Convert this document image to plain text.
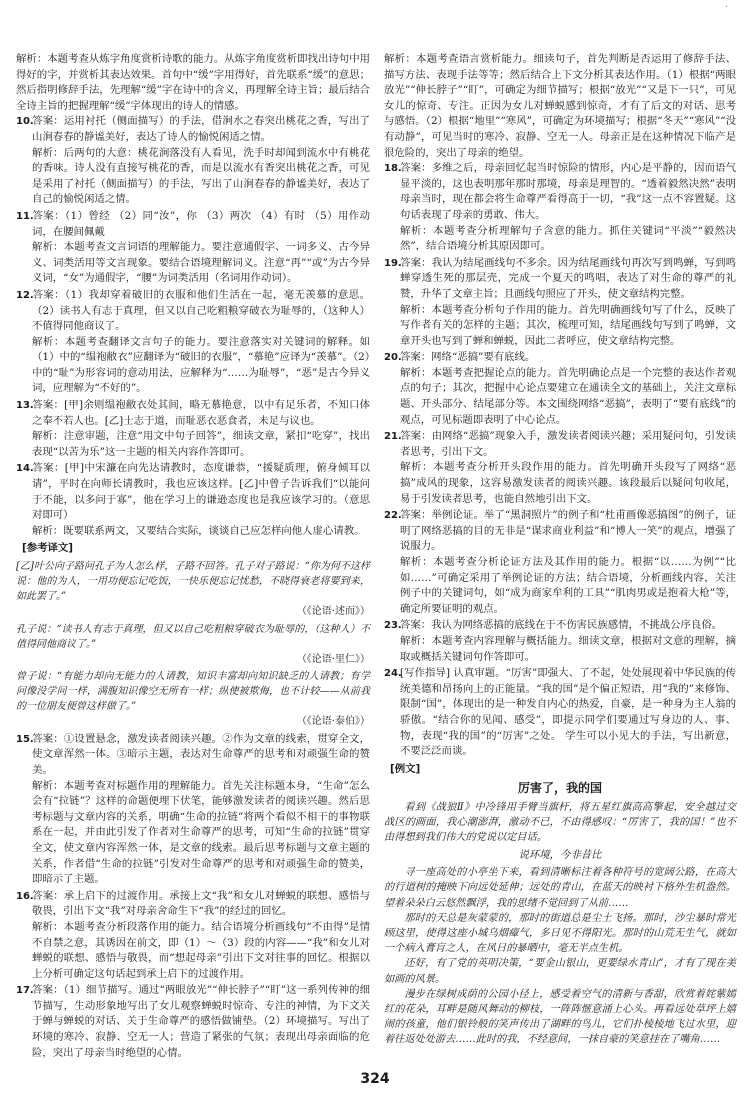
·

解析：本题考查从炼字角度赏析诗歌的能力。从炼字角度赏析即找出诗句中用得好的字，并赏析其表达效果。首句中“缓”字用得好，首先联系“缓”的意思；然后指明修辞手法，先理解“缓”字在诗中的含义，再理解全诗主旨；最后结合全诗主旨的把握理解“缓”字体现出的诗人的情感。

10.答案：运用衬托（侧面描写）的手法，借涧水之春突出桃花之香，写出了山涧春春的静谧美好，表达了诗人的愉悦闲适之情。
解析：后两句的大意：桃花涧落没有人看见，洗手时却闻到流水中有桃花的香味。诗人没有直接写桃花的香，而是以流水有香突出桃花之香，可见是采用了衬托（侧面描写）的手法，写出了山涧春春的静谧美好，表达了自己的愉悦闲适之情。
11.答案：（1）曾经 （2）同“汝”，你 （3）两次 （4）有时 （5）用作动词，在腰间佩戴
解析：本题考查文言词语的理解能力。要注意通假字、一词多义、古今异义、词类活用等文言现象。要结合语境理解词义。注意“再”“或”为古今异义词，“女”为通假字，“腰”为词类活用（名词用作动词）。
12.答案：（1）我却穿着破旧的衣服和他们生活在一起，毫无羡慕的意思。（2）读书人有志于真理，但又以自己吃粗粮穿破衣为耻辱的，（这种人）不值得同他商议了。
解析：本题考查翻译文言句子的能力。要注意落实对关键词的解释。如（1）中的“缊袍敝衣”应翻译为“破旧的衣服”，“慕艳”应译为“羡慕”。（2）中的“耻”为形容词的意动用法，应解释为“……为耻辱”，“恶”是古今异义词，应理解为“不好的”。
13.答案：[甲]余则缊袍敝衣处其间，略无慕艳意，以中有足乐者，不知口体之奉不若人也。[乙]士志于道，而耻恶衣恶食者，未足与议也。
解析：注意审题，注意“用文中句子回答”，细读文章，紧扣“吃穿”，找出表现“以苦为乐”这一主题的相关内容作答即可。
14.答案：[甲]中宋濂在向先达请教时，态度谦恭，“援疑质理，俯身倾耳以请”，平时在向师长请教时，我也应该这样。[乙]中曾子告诉我们“以能问于不能，以多问于寡”，他在学习上的谦逊态度也是我应该学习的。（意思对即可）
解析：既要联系两文，又要结合实际，谈谈自己应怎样向他人虚心请教。
[参考译文]

[乙]叶公向子路问孔子为人怎么样，子路不回答。孔子对子路说：“你为何不这样说：他的为人，一用功便忘记吃饭，一快乐便忘记忧愁，不晓得衰老将要到来，如此罢了。”

（《论语·述而》）

孔子说：“读书人有志于真理，但又以自己吃粗粮穿破衣为耻辱的，（这种人）不值得同他商议了。”

（《论语·里仁》）

曾子说：“有能力却向无能力的人请教，知识丰富却向知识缺乏的人请教；有学问像没学问一样，满腹知识像空无所有一样；纵使被欺侮，也不计较——从前我的一位朋友便曾这样做了。”

（《论语·泰伯》）

15.答案：①设置悬念，激发读者阅读兴趣。②作为文章的线索，贯穿全文，使文章浑然一体。③暗示主题，表达对生命尊严的思考和对顽强生命的赞美。
解析：本题考查对标题作用的理解能力。首先关注标题本身，“生命”怎么会有“拉链”？这样的命题便埋下伏笔，能够激发读者的阅读兴趣。然后思考标题与文章内容的关系，明确“生命的拉链”将两个看似不相干的事物联系在一起，并由此引发了作者对生命尊严的思考，可知“生命的拉链”贯穿全文，使文章内容浑然一体，是文章的线索。最后思考标题与文章主题的关系，作者借“生命的拉链”引发对生命尊严的思考和对顽强生命的赞美，即暗示了主题。
16.答案：承上启下的过渡作用。承接上文“我”和女儿对蝉蜕的联想、感悟与敬畏，引出下文“我”对母亲舍命生下“我”的经过的回忆。
解析：本题考查分析段落作用的能力。结合语境分析画线句“不由得”是情不自禁之意，其诱因在前文，即（1）～（3）段的内容——“我”和女儿对蝉蜕的联想、感悟与敬畏，而“想起母亲”引出下文对往事的回忆。根据以上分析可确定这句话起到承上启下的过渡作用。
17.答案：（1）细节描写。通过“两眼放光”“伸长脖子”“盯”这一系列传神的细节描写，生动形象地写出了女儿观察蝉蜕时惊奇、专注的神情，为下文关于蝉与蝉蜕的对话、关于生命尊严的感悟做铺垫。（2）环境描写。写出了环境的寒冷、寂静、空无一人；营造了紧张的气氛；表现出母亲面临的危险，突出了母亲当时绝望的心情。

解析：本题考查语言赏析能力。细读句子，首先判断是否运用了修辞手法、描写方法、表现手法等等；然后结合上下文分析其表达作用。（1）根据“两眼放光”“伸长脖子”“盯”，可确定为细节描写；根据“放光”“又是下一只”，可见女儿的惊奇、专注。正因为女儿对蝉蜕感到惊奇，才有了后文的对话、思考与感悟。（2）根据“地里”“寒风”，可确定为环境描写；根据“冬天”“寒风”“没有动静”，可见当时的寒冷、寂静、空无一人。母亲正是在这种情况下临产是很危险的，突出了母亲的绝望。

18.答案：多维之后，母亲回忆起当时惊险的情形，内心是平静的，因而语气显平淡的，这也表明那年那时那境，母亲是理智的。“透着毅然决然”表明母亲当时，现在都会将生命尊严看得高于一切，“我”这一点不容置疑。这句话表现了母亲的勇敢、伟大。
解析：本题考查分析理解句子含意的能力。抓住关键词“平淡”“毅然决然”，结合语境分析其原因即可。
19.答案：我认为结尾画线句不多余。因为结尾画线句再次写到鸣蝉，写到鸣蝉穿透生死的那层壳，完成一个夏天的鸣唱，表达了对生命的尊严的礼赞，升华了文章主旨；且画线句照应了开头，使文章结构完整。
解析：本题考查分析句子作用的能力。首先明确画线句写了什么，反映了写作者有关的怎样的主题；其次，梳理可知，结尾画线句写到了鸣蝉，文章开头也写到了蝉和蝉蜕，因此二者呼应，使文章结构完整。
20.答案：网络“恶搞”要有底线。
解析：本题考查把握论点的能力。首先明确论点是一个完整的表达作者观点的句子；其次，把握中心论点要建立在通读全文的基础上，关注文章标题、开头部分、结尾部分等。本文围绕网络“恶搞”，表明了“要有底线”的观点，可见标题即表明了中心论点。
21.答案：由网络“恶搞”现象入手，激发读者阅读兴趣；采用疑问句，引发读者思考，引出下文。
解析：本题考查分析开头段作用的能力。首先明确开头段写了网络“恶搞”成风的现象，这容易激发读者的阅读兴趣。该段最后以疑问句收尾，易于引发读者思考，也能自然地引出下文。
22.答案：举例论证。举了“黑洞照片”的例子和“杜甫画像恶搞图”的例子，证明了网络恶搞的目的无非是“谋求商业利益”和“博人一笑”的观点，增强了说服力。
解析：本题考查分析论证方法及其作用的能力。根据“以……为例”“比如……”可确定采用了举例论证的方法；结合语境，分析画线内容，关注例子中的关键词句，如“成为商家牟利的工具”“肌肉男或是抱着大枪”等，确定所要证明的观点。
23.答案：我认为网络恶搞的底线在于不伤害民族感情，不挑战公序良俗。
解析：本题考查内容理解与概括能力。细读文章，根据对文意的理解，摘取或概括关键词句作答即可。
24.[写作指导] 认真审题。“厉害”即强大、了不起，处处展现着中华民族的传统美德和昂扬向上的正能量。“我的国”是个偏正短语，用“我的”来修饰、限制“国”，体现出的是一种发自内心的热爱，自豪，是一种身为主人翁的骄傲。“结合你的见闻、感受”，即提示同学们要通过写身边的人、事、物，表现“我的国”的“厉害”之处。 学生可以小见大的手法，写出新意，不要泛泛而谈。
[例文]
厉害了，我的国

看到《战狼Ⅱ》中冷锋用手臂当旗杆，将五星红旗高高擎起，安全越过交战区的画面，我心潮澎湃，激动不已，不由得感叹：“厉害了，我的国！”也不由得想到我们伟大的党说以定目话。

说环境，今非昔比

寻一座高处的小亭坐下来，看到清晰标注着各种符号的宽阔公路，在高大的行道树的掩映下向远处延伸；远处的青山，在蓝天的映衬下格外生机盎然。望着朵朵白云悠然飘浮，我的思绪不觉回到了从前……

那时的天总是灰蒙蒙的，那时的街道总是尘土飞扬。那时，沙尘暴时常光顾这里，使得这座小城乌烟瘴气，多日见不得阳光。那时的山荒无生气，就如一个病入膏肓之人，在风日的暴晒中，毫无半点生机。

还好，有了党的英明决策，“要金山银山，更要绿水青山”，才有了现在美如画的风景。

漫步在绿树成荫的公园小径上，感受着空气的清新与香甜，欣赏着姹紫嫣红的花朵，耳畔是随风舞动的柳枝，一阵阵惬意涌上心头。再看远处草坪上嬉闹的孩童，他们银铃般的笑声传出了湖畔的鸟儿，它们扑棱棱地飞过水里，迎着往返处处游去……此时的我，不经意间，一抹自豪的笑意挂在了嘴角……

324
